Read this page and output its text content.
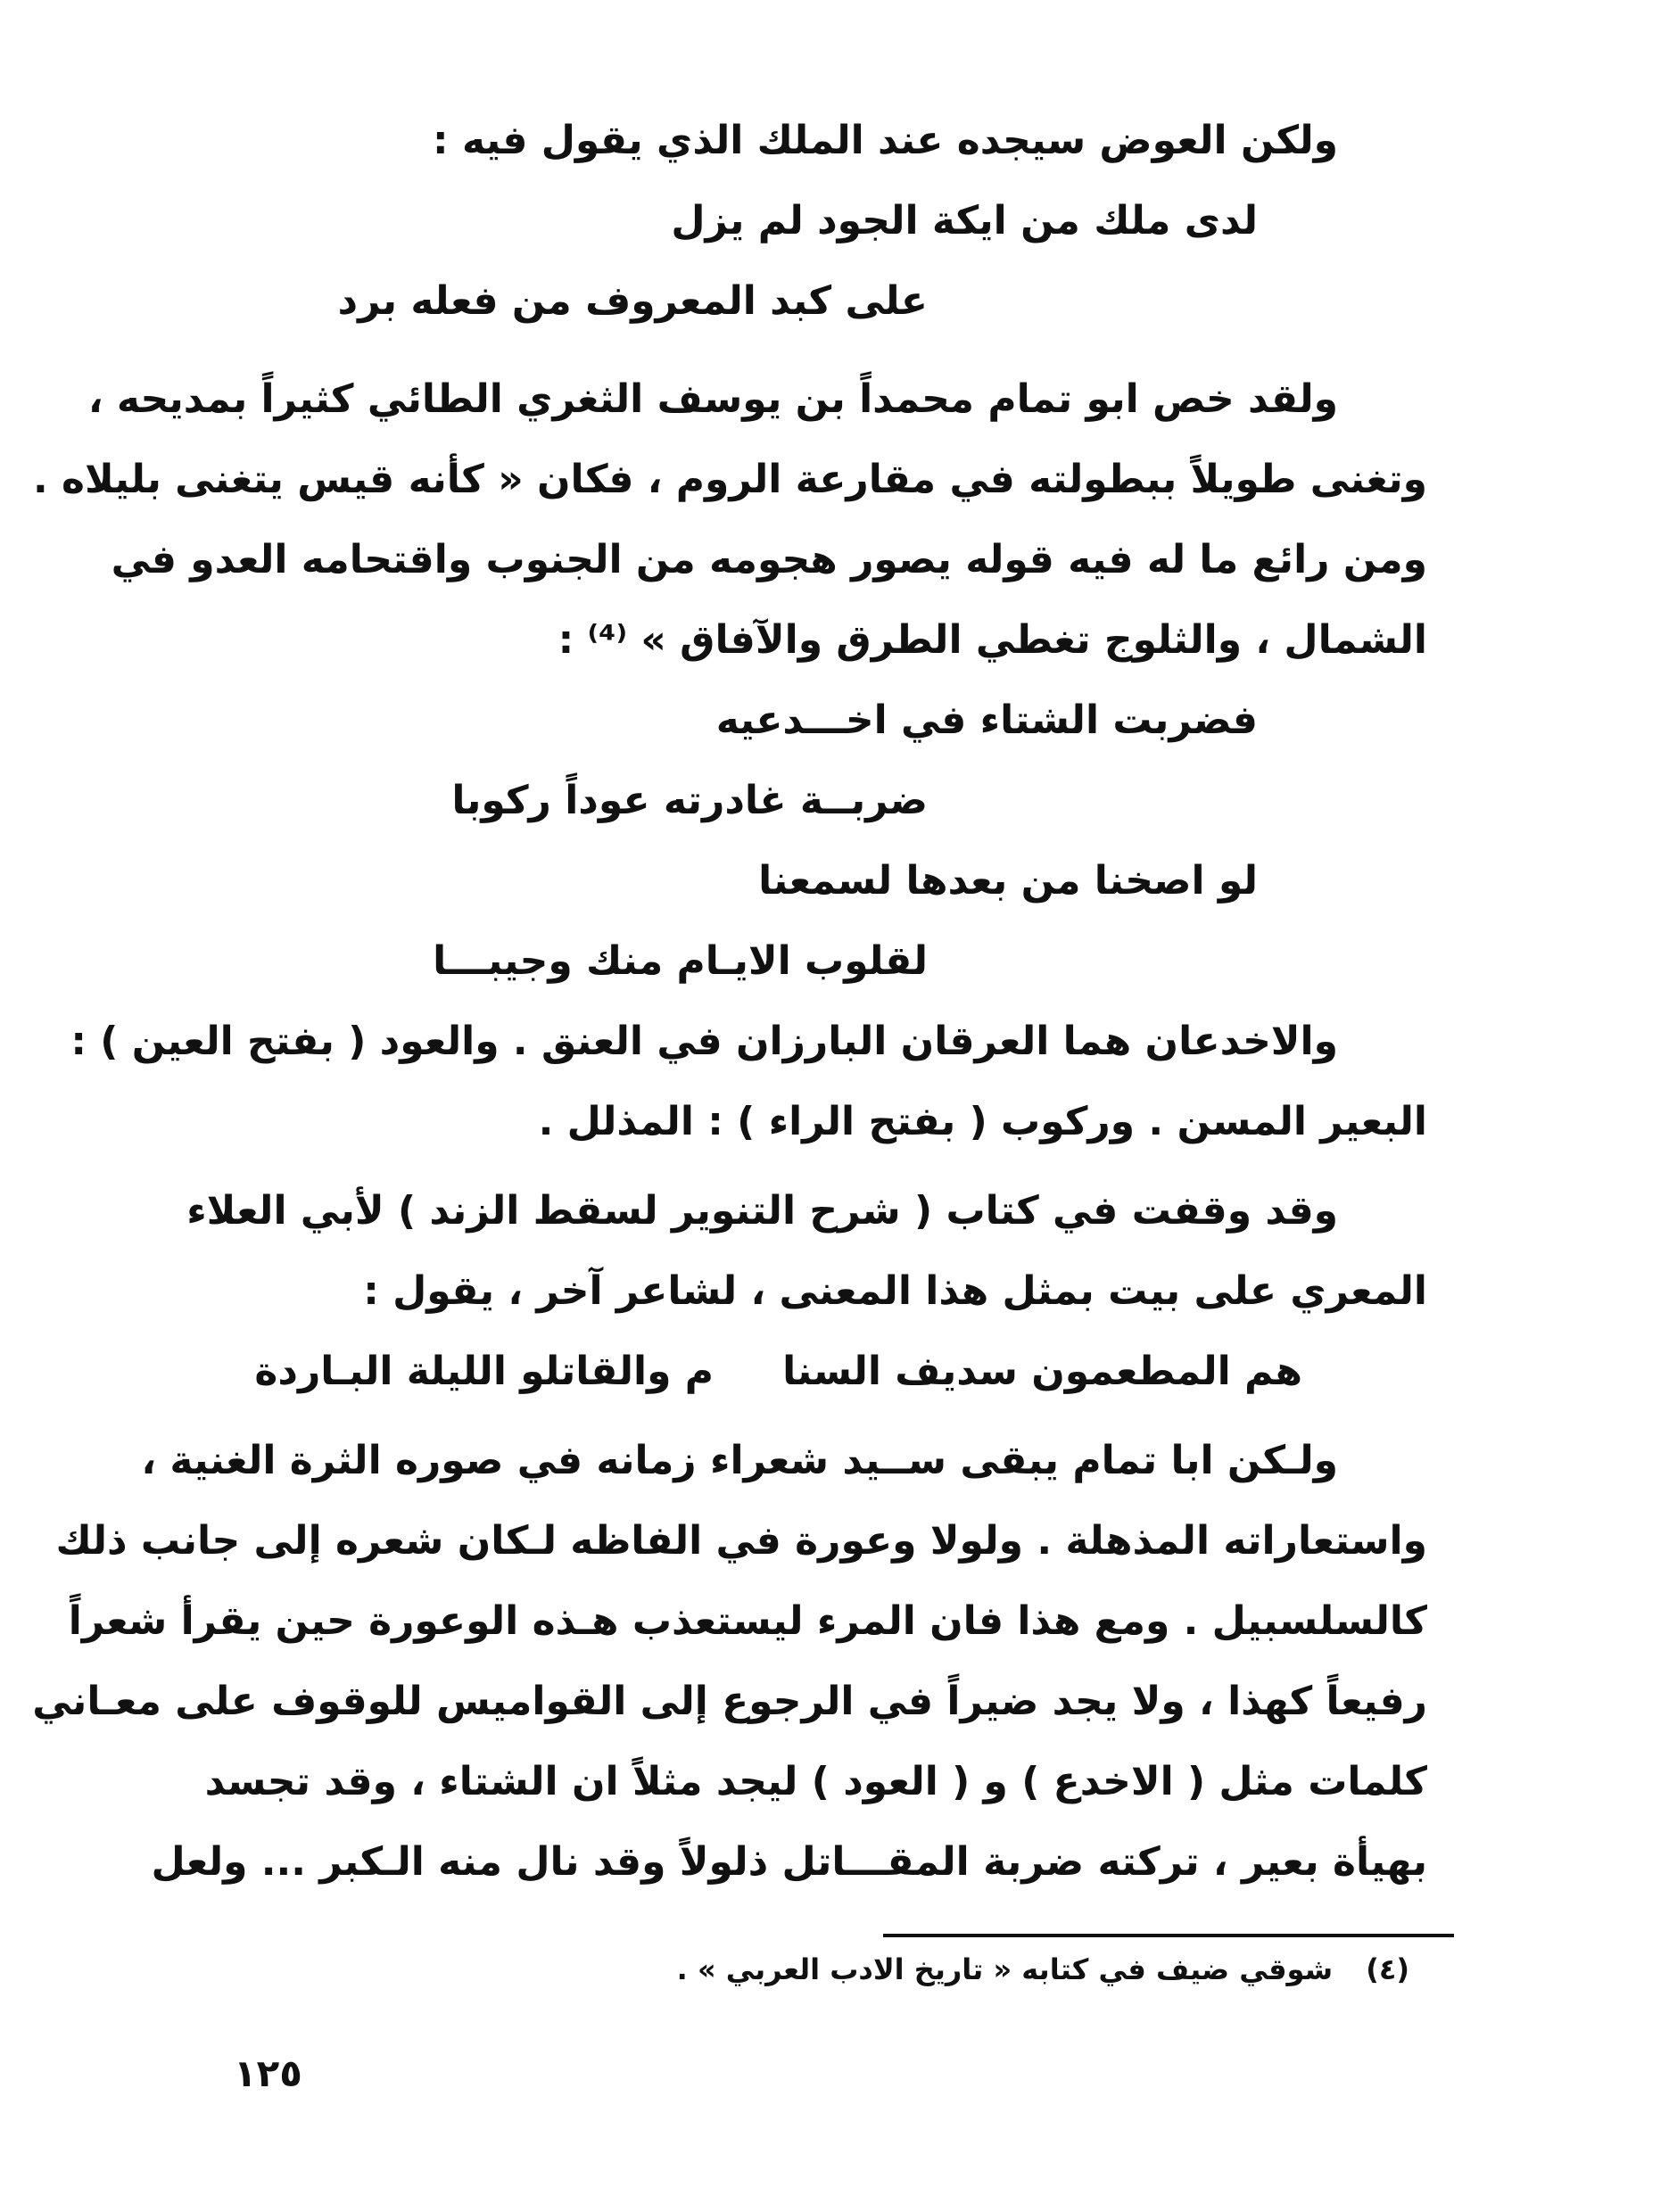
ولكن العوض سيجده عند الملك الذي يقول فيه :
لدى ملك من ايكة الجود لم يزل
على كبد المعروف من فعله برد
ولقد خص ابو تمام محمداً بن يوسف الثغري الطائي كثيراً بمديحه ،
وتغنى طويلاً ببطولته في مقارعة الروم ، فكان « كأنه قيس يتغنى بليلاه .
ومن رائع ما له فيه قوله يصور هجومه من الجنوب واقتحامه العدو في
الشمال ، والثلوج تغطي الطرق والآفاق » ⁽⁴⁾ :
فضربت الشتاء في اخـــدعيه
ضربــة غادرته عوداً ركوبا
لو اصخنا من بعدها لسمعنا
لقلوب الايـام منك وجيبـــا
والاخدعان هما العرقان البارزان في العنق . والعود ( بفتح العين ) :
البعير المسن . وركوب ( بفتح الراء ) : المذلل .
وقد وقفت في كتاب ( شرح التنوير لسقط الزند ) لأبي العلاء
المعري على بيت بمثل هذا المعنى ، لشاعر آخر ، يقول :
هم المطعمون سديف السنا
م والقاتلو الليلة البـاردة
ولـكن ابا تمام يبقى ســيد شعراء زمانه في صوره الثرة الغنية ،
واستعاراته المذهلة . ولولا وعورة في الفاظه لـكان شعره إلى جانب ذلك
كالسلسبيل . ومع هذا فان المرء ليستعذب هـذه الوعورة حين يقرأ شعراً
رفيعاً كهذا ، ولا يجد ضيراً في الرجوع إلى القواميس للوقوف على معـاني
كلمات مثل ( الاخدع ) و ( العود ) ليجد مثلاً ان الشتاء ، وقد تجسد
بهيأة بعير ، تركته ضربة المقـــاتل ذلولاً وقد نال منه الـكبر ... ولعل
(٤) شوقي ضيف في كتابه « تاريخ الادب العربي » .
١٢٥
